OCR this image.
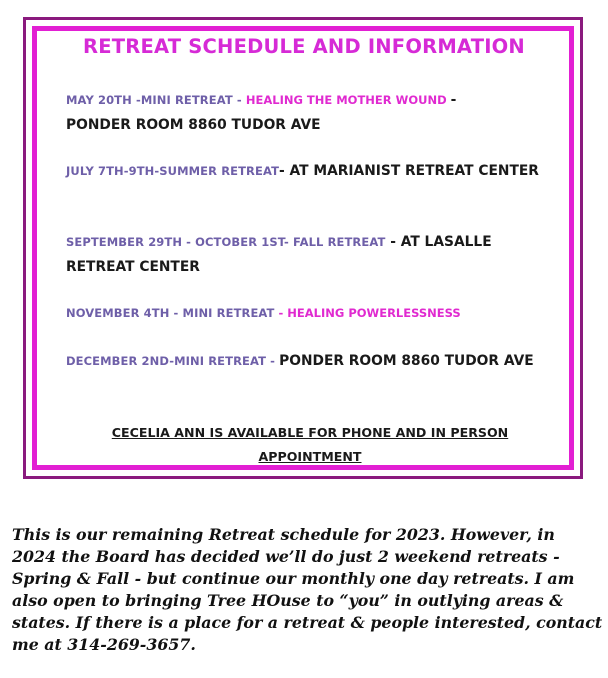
RETREAT SCHEDULE AND INFORMATION

MAY 20TH -MINI RETREAT - HEALING THE MOTHER WOUND -
PONDER ROOM 8860 TUDOR AVE

JULY 7TH-9TH-SUMMER RETREAT- AT MARIANIST RETREAT CENTER

SEPTEMBER 29TH - OCTOBER 1ST- FALL RETREAT - AT LASALLE RETREAT CENTER

NOVEMBER 4TH - MINI RETREAT - HEALING POWERLESSNESS

DECEMBER 2ND-MINI RETREAT - PONDER ROOM 8860 TUDOR AVE

CECELIA ANN IS AVAILABLE FOR PHONE AND IN PERSON APPOINTMENT

This is our remaining Retreat schedule for 2023. However, in 2024 the Board has decided we’ll do just 2 weekend retreats - Spring & Fall - but continue our monthly one day retreats. I am also open to bringing Tree HOuse to “you” in outlying areas & states. If there is a place for a retreat & people interested, contact me at 314-269-3657.
